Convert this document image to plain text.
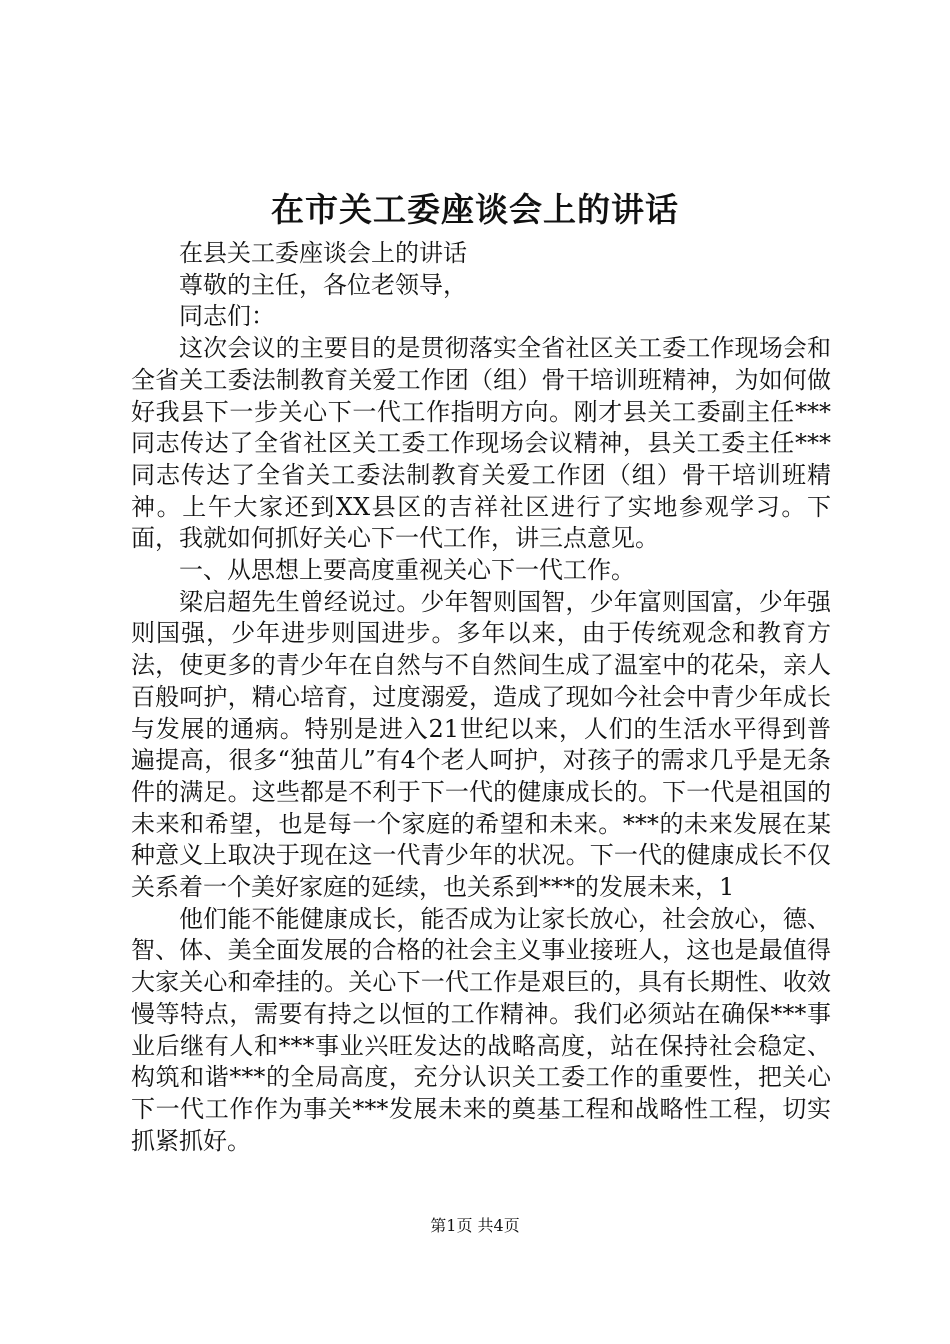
在市关工委座谈会上的讲话

在县关工委座谈会上的讲话

尊敬的主任，各位老领导，

同志们：

这次会议的主要目的是贯彻落实全省社区关工委工作现场会和全省关工委法制教育关爱工作团（组）骨干培训班精神，为如何做好我县下一步关心下一代工作指明方向。刚才县关工委副主任***同志传达了全省社区关工委工作现场会议精神，县关工委主任***同志传达了全省关工委法制教育关爱工作团（组）骨干培训班精神。上午大家还到XX县区的吉祥社区进行了实地参观学习。下面，我就如何抓好关心下一代工作，讲三点意见。

一、从思想上要高度重视关心下一代工作。

梁启超先生曾经说过。少年智则国智，少年富则国富，少年强则国强，少年进步则国进步。多年以来，由于传统观念和教育方法，使更多的青少年在自然与不自然间生成了温室中的花朵，亲人百般呵护，精心培育，过度溺爱，造成了现如今社会中青少年成长与发展的通病。特别是进入21世纪以来，人们的生活水平得到普遍提高，很多“独苗儿”有4个老人呵护，对孩子的需求几乎是无条件的满足。这些都是不利于下一代的健康成长的。下一代是祖国的未来和希望，也是每一个家庭的希望和未来。***的未来发展在某种意义上取决于现在这一代青少年的状况。下一代的健康成长不仅关系着一个美好家庭的延续，也关系到***的发展未来，1

他们能不能健康成长，能否成为让家长放心，社会放心，德、智、体、美全面发展的合格的社会主义事业接班人，这也是最值得大家关心和牵挂的。关心下一代工作是艰巨的，具有长期性、收效慢等特点，需要有持之以恒的工作精神。我们必须站在确保***事业后继有人和***事业兴旺发达的战略高度，站在保持社会稳定、构筑和谐***的全局高度，充分认识关工委工作的重要性，把关心下一代工作作为事关***发展未来的奠基工程和战略性工程，切实抓紧抓好。

第1页 共4页
